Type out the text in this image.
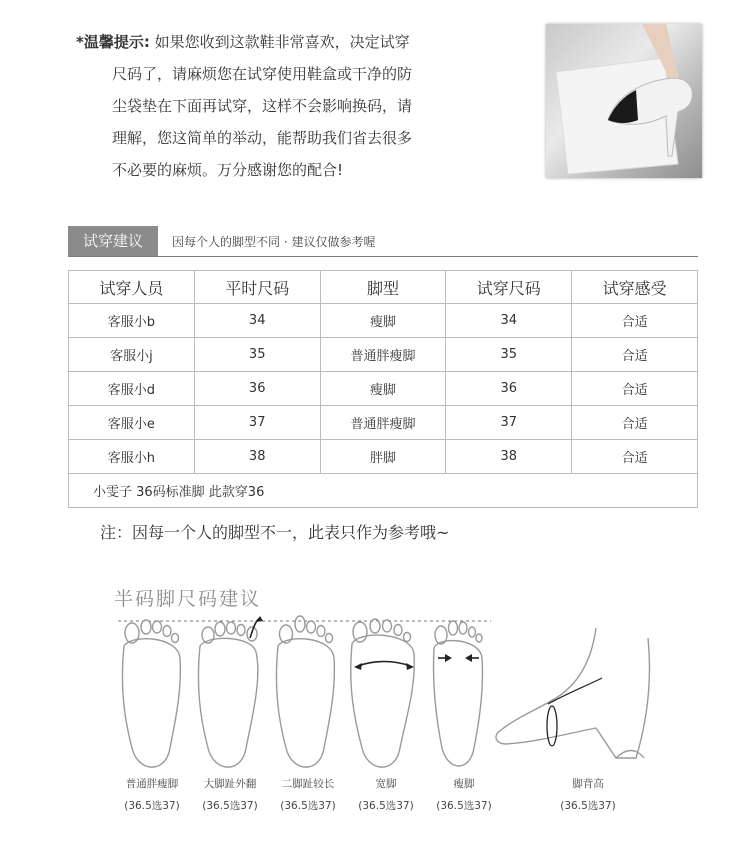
*温馨提示: 如果您收到这款鞋非常喜欢，决定试穿
尺码了，请麻烦您在试穿使用鞋盒或干净的防
尘袋垫在下面再试穿，这样不会影响换码，请
理解，您这简单的举动，能帮助我们省去很多
不必要的麻烦。万分感谢您的配合!
试穿建议	因每个人的脚型不同 · 建议仅做参考喔
试穿人员	平时尺码	脚型	试穿尺码	试穿感受
客服小b	34	瘦脚	34	合适
客服小j	35	普通胖瘦脚	35	合适
客服小d	36	瘦脚	36	合适
客服小e	37	普通胖瘦脚	37	合适
客服小h	38	胖脚	38	合适
小雯子 36码标准脚 此款穿36				
注：因每一个人的脚型不一，此表只作为参考哦~
半码脚尺码建议
普通胖瘦脚
(36.5选37)
大脚趾外翻
(36.5选37)
二脚趾较长
(36.5选37)
宽脚
(36.5选37)
瘦脚
(36.5选37)
脚背高
(36.5选37)
